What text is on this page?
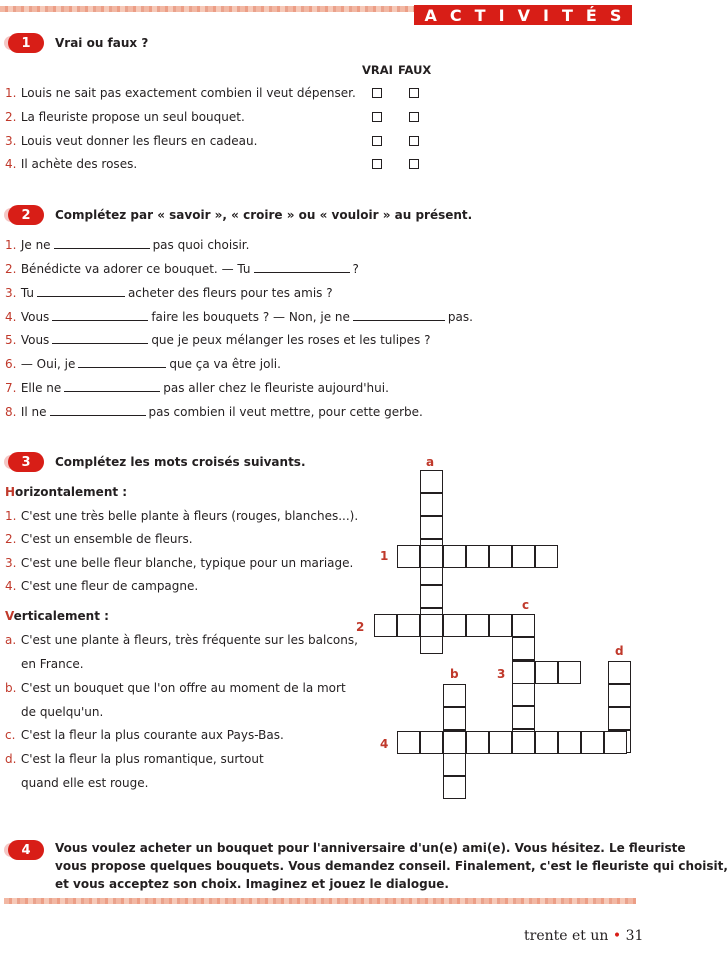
A C T I V I T É S
1	Vrai ou faux ?
VRAI FAUX
1. Louis ne sait pas exactement combien il veut dépenser.
2. La fleuriste propose un seul bouquet.
3. Louis veut donner les fleurs en cadeau.
4. Il achète des roses.
2	Complétez par « savoir », « croire » ou « vouloir » au présent.
1. Je ne	pas quoi choisir.
2. Bénédicte va adorer ce bouquet. — Tu	?
3. Tu	acheter des fleurs pour tes amis ?
4. Vous	faire les bouquets ? — Non, je ne	pas.
5. Vous	que je peux mélanger les roses et les tulipes ?
6. — Oui, je	que ça va être joli.
7. Elle ne	pas aller chez le fleuriste aujourd'hui.
8. Il ne	pas combien il veut mettre, pour cette gerbe.
3	Complétez les mots croisés suivants.
Horizontalement :
1. C'est une très belle plante à fleurs (rouges, blanches...).
2. C'est un ensemble de fleurs.
3. C'est une belle fleur blanche, typique pour un mariage.
4. C'est une fleur de campagne.
Verticalement :
a. C'est une plante à fleurs, très fréquente sur les balcons,
en France.
b. C'est un bouquet que l'on offre au moment de la mort
de quelqu'un.
c. C'est la fleur la plus courante aux Pays-Bas.
d. C'est la fleur la plus romantique, surtout
quand elle est rouge.
a
c
d
b
1
2
3
4
4	Vous voulez acheter un bouquet pour l'anniversaire d'un(e) ami(e). Vous hésitez. Le fleuriste
vous propose quelques bouquets. Vous demandez conseil. Finalement, c'est le fleuriste qui choisit,
et vous acceptez son choix. Imaginez et jouez le dialogue.
trente et un • 31
